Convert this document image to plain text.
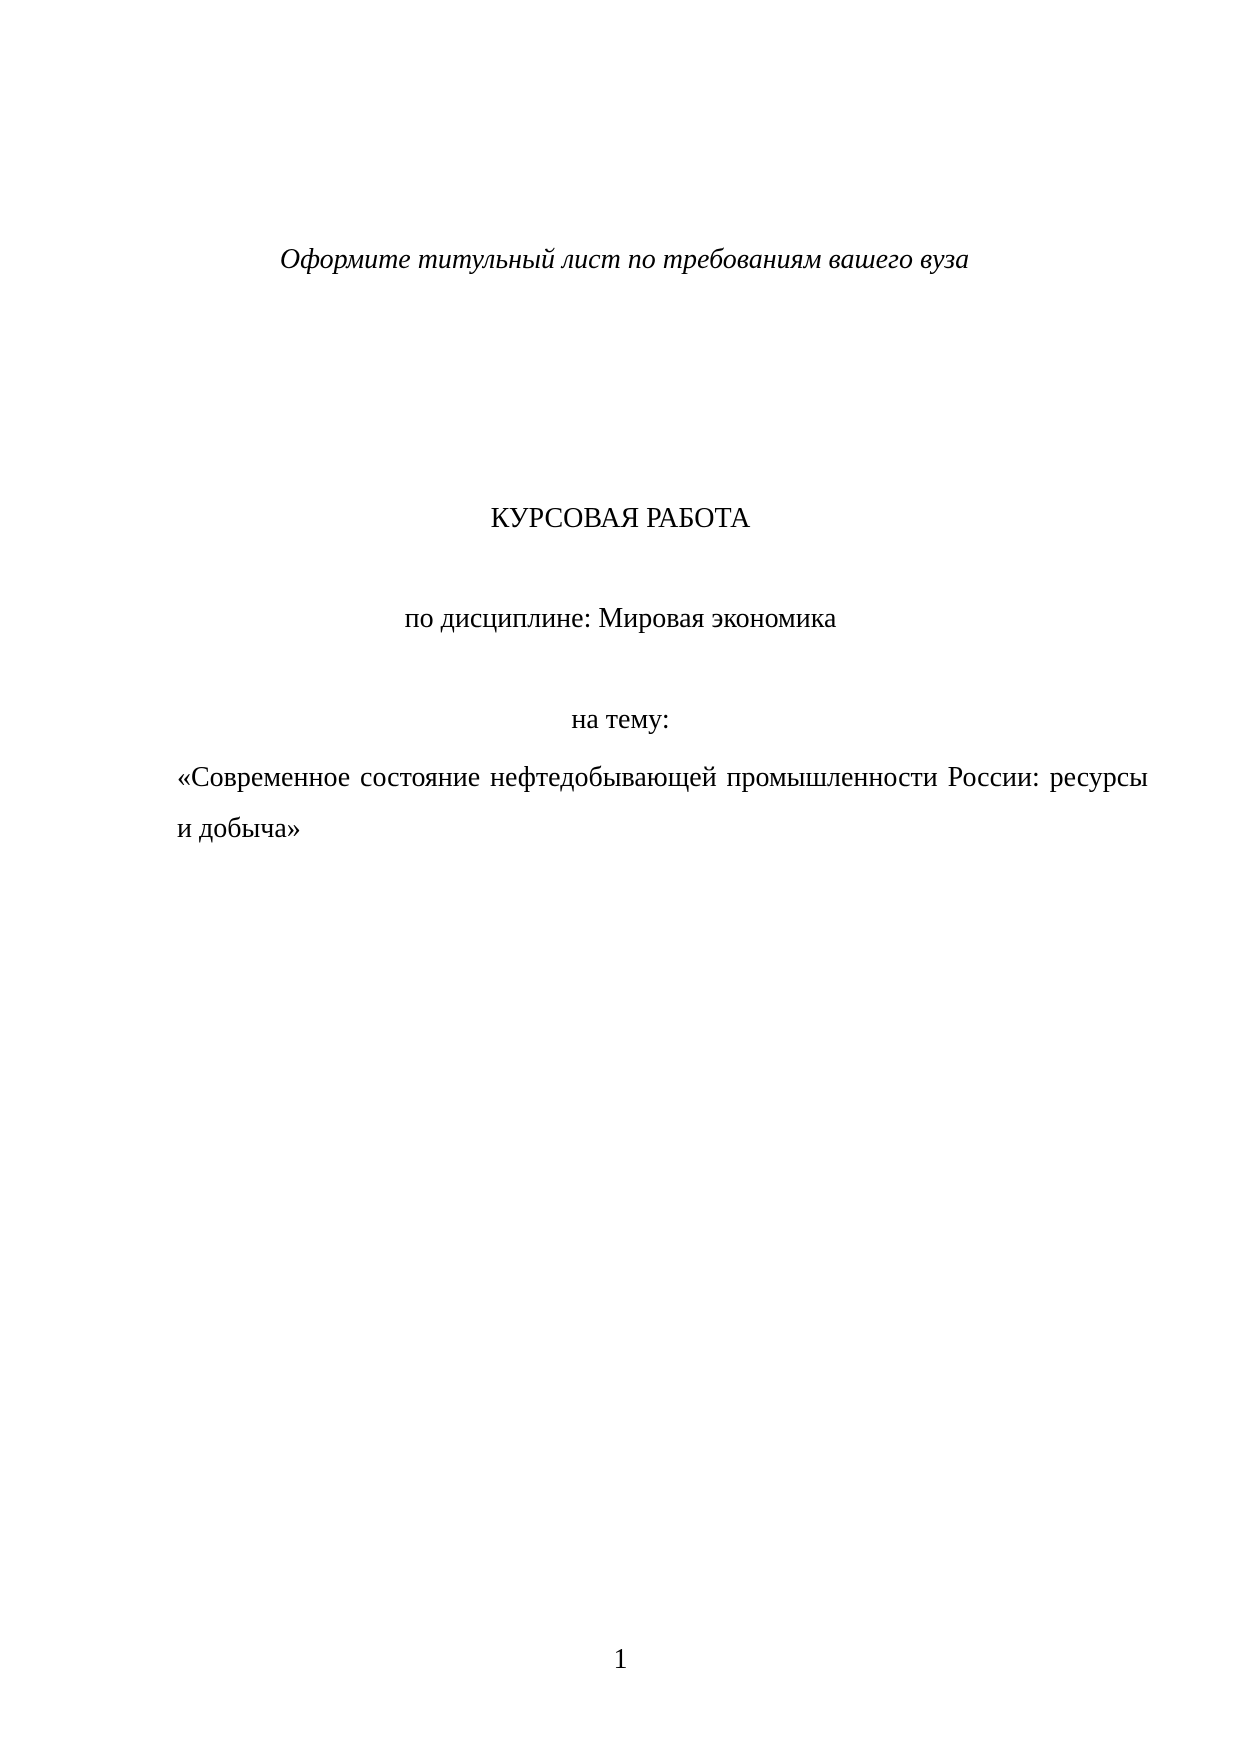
Оформите титульный лист по требованиям вашего вуза
КУРСОВАЯ РАБОТА
по дисциплине: Мировая экономика
на тему:
«Современное состояние нефтедобывающей промышленности России: ресурсы и добыча»
1
